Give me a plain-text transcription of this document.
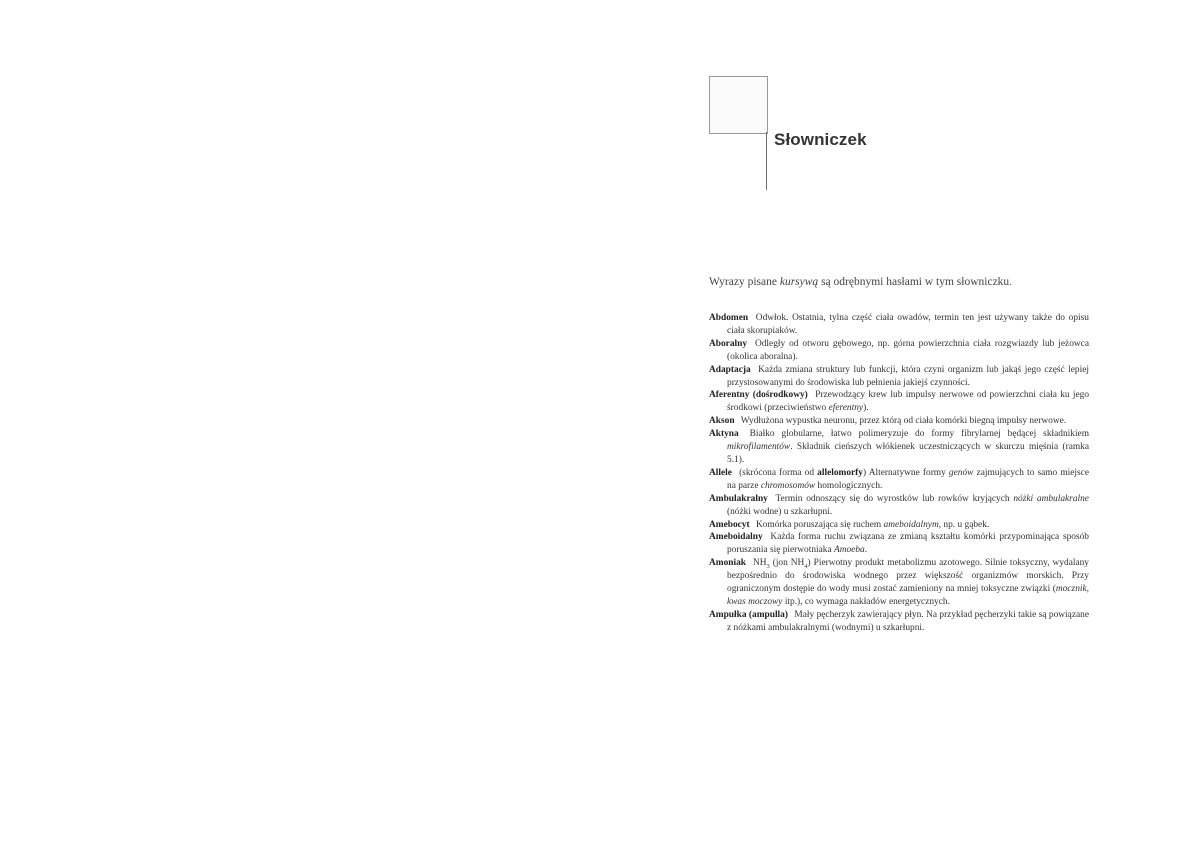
Słowniczek
Wyrazy pisane kursywą są odrębnymi hasłami w tym słowniczku.
Abdomen Odwłok. Ostatnia, tylna część ciała owadów, termin ten jest używany także do opisu ciała skorupiaków.
Aboralny Odległy od otworu gębowego, np. górna powierzchnia ciała rozgwiazdy lub jeżowca (okolica aboralna).
Adaptacja Każda zmiana struktury lub funkcji, która czyni organizm lub jakąś jego część lepiej przystosowanymi do środowiska lub pełnienia jakiejś czynności.
Aferentny (dośrodkowy) Przewodzący krew lub impulsy nerwowe od powierzchni ciała ku jego środkowi (przeciwieństwo eferentny).
Akson Wydłużona wypustka neuronu, przez którą od ciała komórki biegną impulsy nerwowe.
Aktyna Białko globularne, łatwo polimeryzuje do formy fibrylarnej będącej składnikiem mikrofilamentów. Składnik cieńszych włókienek uczestniczących w skurczu mięśnia (ramka 5.1).
Allele (skrócona forma od allelomorfy) Alternatywne formy genów zajmujących to samo miejsce na parze chromosomów homologicznych.
Ambulakralny Termin odnoszący się do wyrostków lub rowków kryjących nóżki ambulakralne (nóżki wodne) u szkarłupni.
Amebocyt Komórka poruszająca się ruchem ameboidalnym, np. u gąbek.
Ameboidalny Każda forma ruchu związana ze zmianą kształtu komórki przypominająca sposób poruszania się pierwotniaka Amoeba.
Amoniak $NH_3$ (jon $NH_4$) Pierwotny produkt metabolizmu azotowego. Silnie toksyczny, wydalany bezpośrednio do środowiska wodnego przez większość organizmów morskich. Przy ograniczonym dostępie do wody musi zostać zamieniony na mniej toksyczne związki (mocznik, kwas moczowy itp.), co wymaga nakładów energetycznych.
Ampułka (ampulla) Mały pęcherzyk zawierający płyn. Na przykład pęcherzyki takie są powiązane z nóżkami ambulakralnymi (wodnymi) u szkarłupni.
